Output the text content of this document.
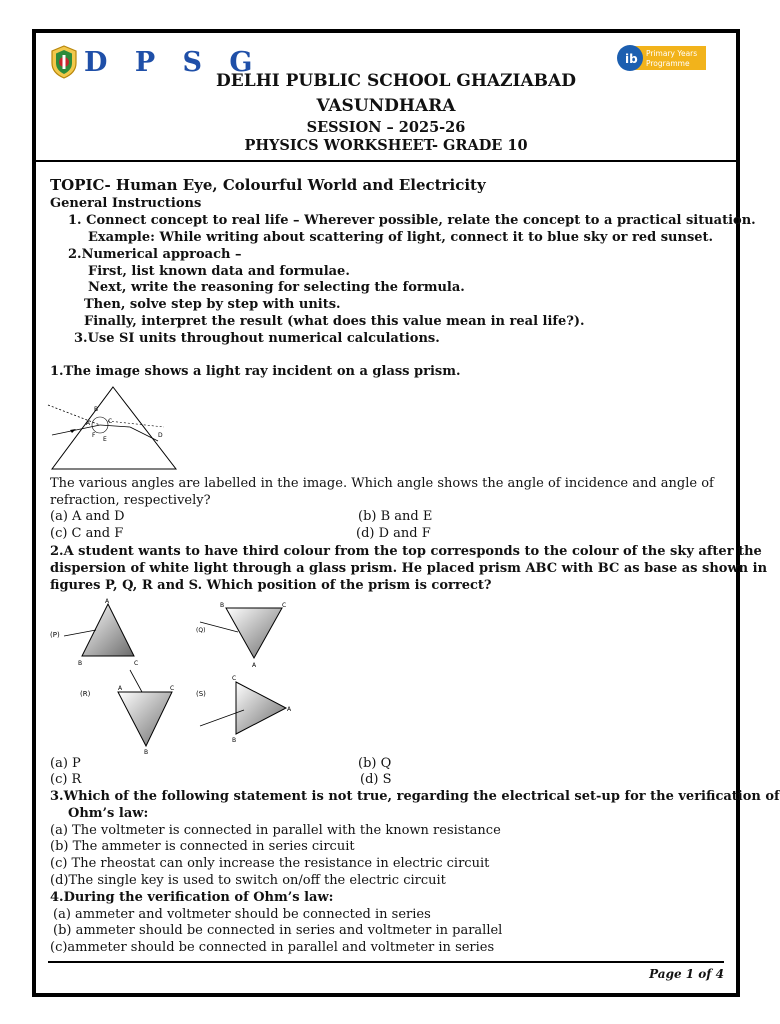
D P S G	ib Primary Years
Programme
DELHI PUBLIC SCHOOL GHAZIABAD
VASUNDHARA
SESSION – 2025-26
PHYSICS WORKSHEET- GRADE 10
TOPIC- Human Eye, Colourful World and Electricity
General Instructions
1. Connect concept to real life – Wherever possible, relate the concept to a practical situation.
Example: While writing about scattering of light, connect it to blue sky or red sunset.
2.Numerical approach –
First, list known data and formulae.
Next, write the reasoning for selecting the formula.
Then, solve step by step with units.
Finally, interpret the result (what does this value mean in real life?).
3.Use SI units throughout numerical calculations.
1.The image shows a light ray incident on a glass prism.
B
A	C
D
E
F
The various angles are labelled in the image. Which angle shows the angle of incidence and angle of
refraction, respectively?
(a) A and D	(b) B and E
(c) C and F	(d) D and F
2.A student wants to have third colour from the top corresponds to the colour of the sky after the
dispersion of white light through a glass prism. He placed prism ABC with BC as base as shown in
figures P, Q, R and S. Which position of the prism is correct?
(P)
A
B	C
(Q)
B	C
A
(R)
A	C
B
(S)
C
B
A
(a) P	(b) Q
(c) R	(d) S
3.Which of the following statement is not true, regarding the electrical set-up for the verification of
Ohm’s law:
(a) The voltmeter is connected in parallel with the known resistance
(b) The ammeter is connected in series circuit
(c) The rheostat can only increase the resistance in electric circuit
(d)The single key is used to switch on/off the electric circuit
4.During the verification of Ohm’s law:
(a) ammeter and voltmeter should be connected in series
(b) ammeter should be connected in series and voltmeter in parallel
(c)ammeter should be connected in parallel and voltmeter in series
Page 1 of 4
